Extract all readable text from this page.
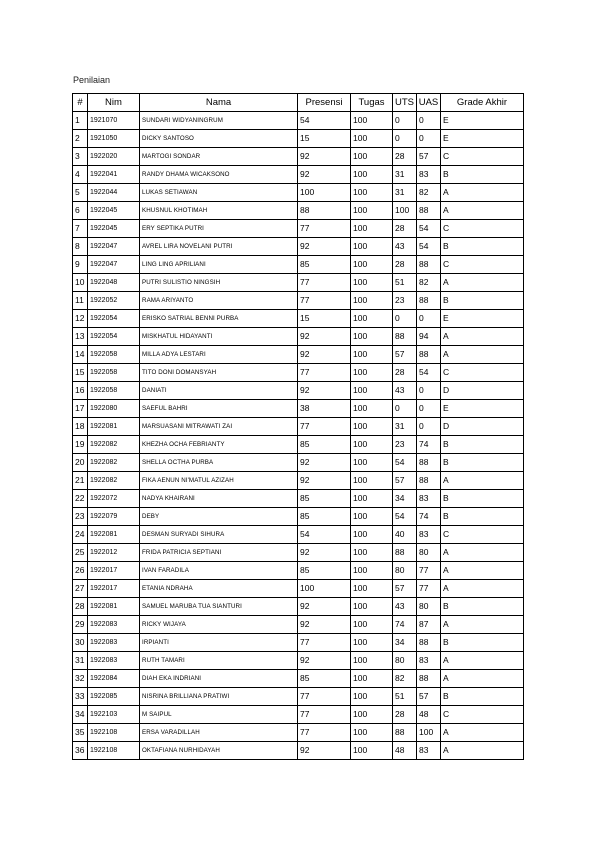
Penilaian
#	Nim	Nama	Presensi	Tugas	UTS	UAS	Grade Akhir
1	1921070	SUNDARI WIDYANINGRUM	54	100	0	0	E
2	1921050	DICKY SANTOSO	15	100	0	0	E
3	1922020	MARTOGI SONDAR	92	100	28	57	C
4	1922041	RANDY DHAMA WICAKSONO	92	100	31	83	B
5	1922044	LUKAS SETIAWAN	100	100	31	82	A
6	1922045	KHUSNUL KHOTIMAH	88	100	100	88	A
7	1922045	ERY SEPTIKA PUTRI	77	100	28	54	C
8	1922047	AVREL LIRA NOVELANI PUTRI	92	100	43	54	B
9	1922047	LING LING APRILIANI	85	100	28	88	C
10	1922048	PUTRI SULISTIO NINGSIH	77	100	51	82	A
11	1922052	RAMA ARIYANTO	77	100	23	88	B
12	1922054	ERISKO SATRIAL BENNI PURBA	15	100	0	0	E
13	1922054	MISKHATUL HIDAYANTI	92	100	88	94	A
14	1922058	MILLA ADYA LESTARI	92	100	57	88	A
15	1922058	TITO DONI DOMANSYAH	77	100	28	54	C
16	1922058	DANIATI	92	100	43	0	D
17	1922080	SAEFUL BAHRI	38	100	0	0	E
18	1922081	MARSUASANI MITRAWATI ZAI	77	100	31	0	D
19	1922082	KHEZHA OCHA FEBRIANTY	85	100	23	74	B
20	1922082	SHELLA OCTHA PURBA	92	100	54	88	B
21	1922082	FIKA AENUN NI'MATUL AZIZAH	92	100	57	88	A
22	1922072	NADYA KHAIRANI	85	100	34	83	B
23	1922079	DEBY	85	100	54	74	B
24	1922081	DESMAN SURYADI SIHURA	54	100	40	83	C
25	1922012	FRIDA PATRICIA SEPTIANI	92	100	88	80	A
26	1922017	IVAN FARADILA	85	100	80	77	A
27	1922017	ETANIA NDRAHA	100	100	57	77	A
28	1922081	SAMUEL MARUBA TUA SIANTURI	92	100	43	80	B
29	1922083	RICKY WIJAYA	92	100	74	87	A
30	1922083	IRPIANTI	77	100	34	88	B
31	1922083	RUTH TAMARI	92	100	80	83	A
32	1922084	DIAH EKA INDRIANI	85	100	82	88	A
33	1922085	NISRINA BRILLIANA PRATIWI	77	100	51	57	B
34	1922103	M SAIPUL	77	100	28	48	C
35	1922108	ERSA VARADILLAH	77	100	88	100	A
36	1922108	OKTAFIANA NURHIDAYAH	92	100	48	83	A
